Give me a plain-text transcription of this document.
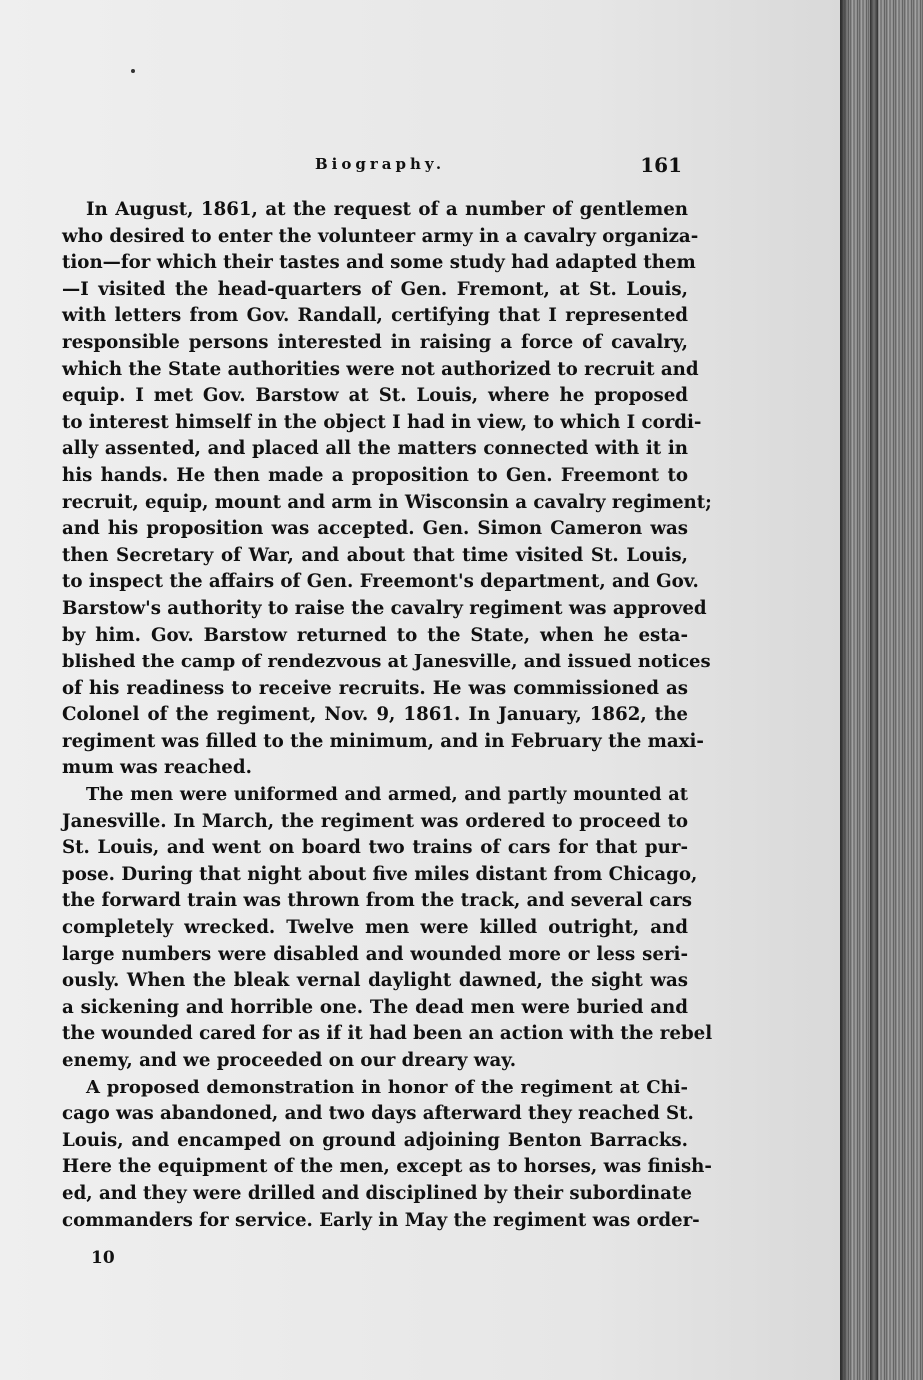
Biography.	161
In August, 1861, at the request of a number of gentlemen
who desired to enter the volunteer army in a cavalry organiza-
tion—for which their tastes and some study had adapted them
—I visited the head-quarters of Gen. Fremont, at St. Louis,
with letters from Gov. Randall, certifying that I represented
responsible persons interested in raising a force of cavalry,
which the State authorities were not authorized to recruit and
equip. I met Gov. Barstow at St. Louis, where he proposed
to interest himself in the object I had in view, to which I cordi-
ally assented, and placed all the matters connected with it in
his hands. He then made a proposition to Gen. Freemont to
recruit, equip, mount and arm in Wisconsin a cavalry regiment;
and his proposition was accepted. Gen. Simon Cameron was
then Secretary of War, and about that time visited St. Louis,
to inspect the affairs of Gen. Freemont's department, and Gov.
Barstow's authority to raise the cavalry regiment was approved
by him. Gov. Barstow returned to the State, when he esta-
blished the camp of rendezvous at Janesville, and issued notices
of his readiness to receive recruits. He was commissioned as
Colonel of the regiment, Nov. 9, 1861. In January, 1862, the
regiment was filled to the minimum, and in February the maxi-
mum was reached.
The men were uniformed and armed, and partly mounted at
Janesville. In March, the regiment was ordered to proceed to
St. Louis, and went on board two trains of cars for that pur-
pose. During that night about five miles distant from Chicago,
the forward train was thrown from the track, and several cars
completely wrecked. Twelve men were killed outright, and
large numbers were disabled and wounded more or less seri-
ously. When the bleak vernal daylight dawned, the sight was
a sickening and horrible one. The dead men were buried and
the wounded cared for as if it had been an action with the rebel
enemy, and we proceeded on our dreary way.
A proposed demonstration in honor of the regiment at Chi-
cago was abandoned, and two days afterward they reached St.
Louis, and encamped on ground adjoining Benton Barracks.
Here the equipment of the men, except as to horses, was finish-
ed, and they were drilled and disciplined by their subordinate
commanders for service. Early in May the regiment was order-
10
